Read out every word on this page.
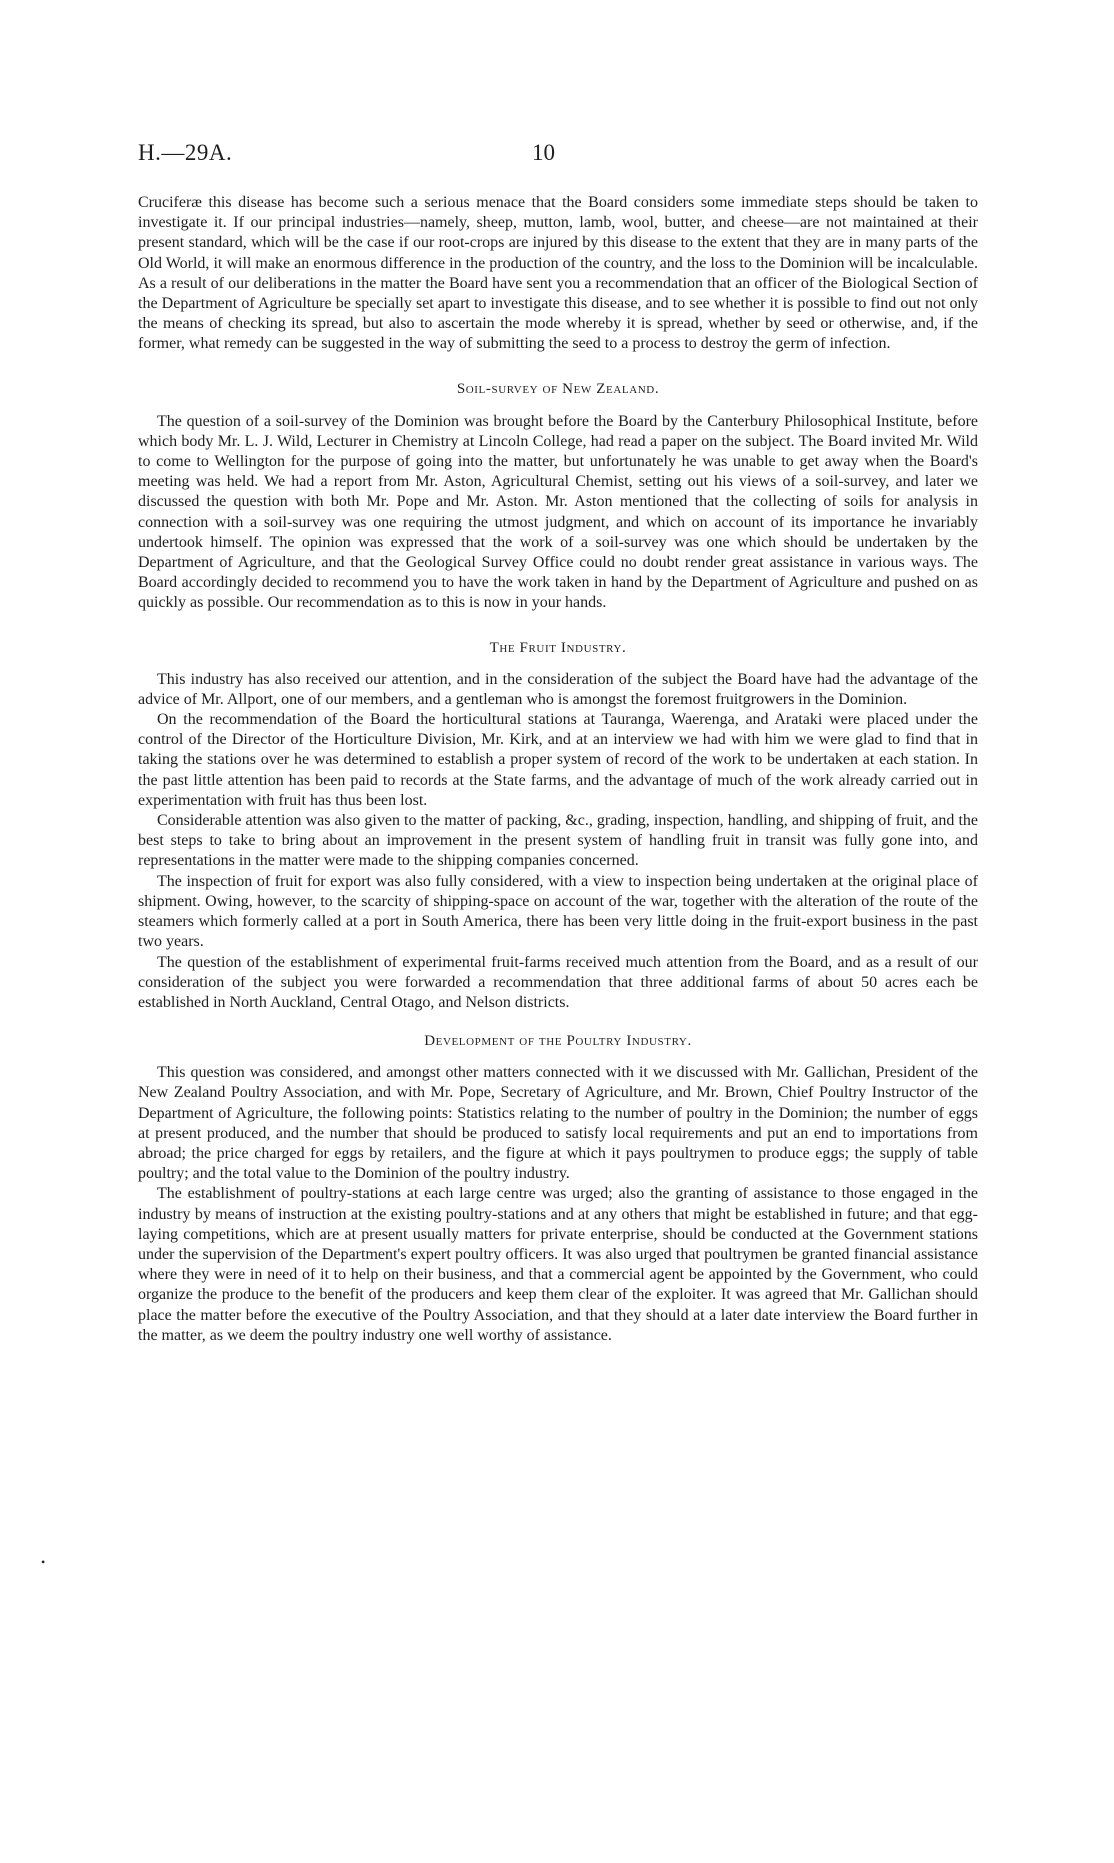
H.—29A.	10

Cruciferæ this disease has become such a serious menace that the Board considers some immediate steps should be taken to investigate it. If our principal industries—namely, sheep, mutton, lamb, wool, butter, and cheese—are not maintained at their present standard, which will be the case if our root-crops are injured by this disease to the extent that they are in many parts of the Old World, it will make an enormous difference in the production of the country, and the loss to the Dominion will be incalculable. As a result of our deliberations in the matter the Board have sent you a recommendation that an officer of the Biological Section of the Department of Agriculture be specially set apart to investigate this disease, and to see whether it is possible to find out not only the means of checking its spread, but also to ascertain the mode whereby it is spread, whether by seed or otherwise, and, if the former, what remedy can be suggested in the way of submitting the seed to a process to destroy the germ of infection.

Soil-survey of New Zealand.

The question of a soil-survey of the Dominion was brought before the Board by the Canterbury Philosophical Institute, before which body Mr. L. J. Wild, Lecturer in Chemistry at Lincoln College, had read a paper on the subject. The Board invited Mr. Wild to come to Wellington for the purpose of going into the matter, but unfortunately he was unable to get away when the Board's meeting was held. We had a report from Mr. Aston, Agricultural Chemist, setting out his views of a soil-survey, and later we discussed the question with both Mr. Pope and Mr. Aston. Mr. Aston mentioned that the collecting of soils for analysis in connection with a soil-survey was one requiring the utmost judgment, and which on account of its importance he invariably undertook himself. The opinion was expressed that the work of a soil-survey was one which should be undertaken by the Department of Agriculture, and that the Geological Survey Office could no doubt render great assistance in various ways. The Board accordingly decided to recommend you to have the work taken in hand by the Department of Agriculture and pushed on as quickly as possible. Our recommendation as to this is now in your hands.

The Fruit Industry.

This industry has also received our attention, and in the consideration of the subject the Board have had the advantage of the advice of Mr. Allport, one of our members, and a gentleman who is amongst the foremost fruitgrowers in the Dominion.

On the recommendation of the Board the horticultural stations at Tauranga, Waerenga, and Arataki were placed under the control of the Director of the Horticulture Division, Mr. Kirk, and at an interview we had with him we were glad to find that in taking the stations over he was determined to establish a proper system of record of the work to be undertaken at each station. In the past little attention has been paid to records at the State farms, and the advantage of much of the work already carried out in experimentation with fruit has thus been lost.

Considerable attention was also given to the matter of packing, &c., grading, inspection, handling, and shipping of fruit, and the best steps to take to bring about an improvement in the present system of handling fruit in transit was fully gone into, and representations in the matter were made to the shipping companies concerned.

The inspection of fruit for export was also fully considered, with a view to inspection being undertaken at the original place of shipment. Owing, however, to the scarcity of shipping-space on account of the war, together with the alteration of the route of the steamers which formerly called at a port in South America, there has been very little doing in the fruit-export business in the past two years.

The question of the establishment of experimental fruit-farms received much attention from the Board, and as a result of our consideration of the subject you were forwarded a recommendation that three additional farms of about 50 acres each be established in North Auckland, Central Otago, and Nelson districts.

Development of the Poultry Industry.

This question was considered, and amongst other matters connected with it we discussed with Mr. Gallichan, President of the New Zealand Poultry Association, and with Mr. Pope, Secretary of Agriculture, and Mr. Brown, Chief Poultry Instructor of the Department of Agriculture, the following points: Statistics relating to the number of poultry in the Dominion; the number of eggs at present produced, and the number that should be produced to satisfy local requirements and put an end to importations from abroad; the price charged for eggs by retailers, and the figure at which it pays poultrymen to produce eggs; the supply of table poultry; and the total value to the Dominion of the poultry industry.

The establishment of poultry-stations at each large centre was urged; also the granting of assistance to those engaged in the industry by means of instruction at the existing poultry-stations and at any others that might be established in future; and that egg-laying competitions, which are at present usually matters for private enterprise, should be conducted at the Government stations under the supervision of the Department's expert poultry officers. It was also urged that poultrymen be granted financial assistance where they were in need of it to help on their business, and that a commercial agent be appointed by the Government, who could organize the produce to the benefit of the producers and keep them clear of the exploiter. It was agreed that Mr. Gallichan should place the matter before the executive of the Poultry Association, and that they should at a later date interview the Board further in the matter, as we deem the poultry industry one well worthy of assistance.

•
